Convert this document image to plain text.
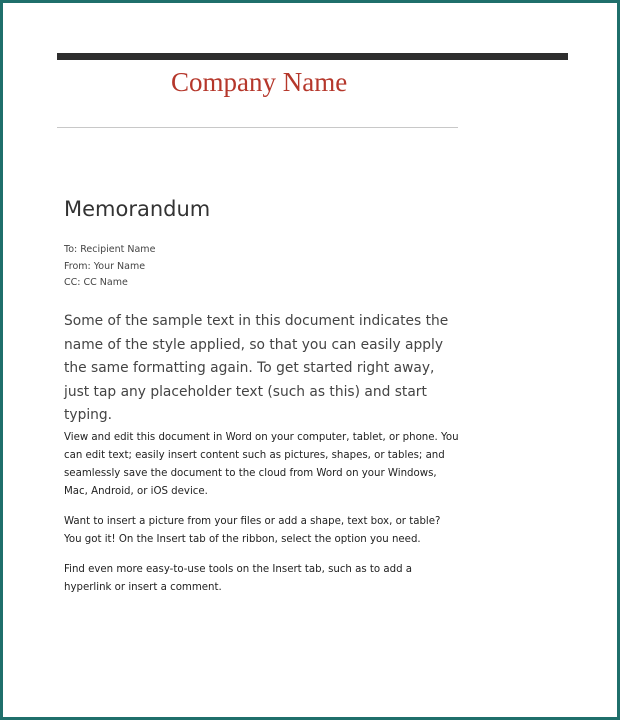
Company Name
Memorandum
To: Recipient Name
From: Your Name
CC: CC Name
Some of the sample text in this document indicates the name of the style applied, so that you can easily apply the same formatting again. To get started right away, just tap any placeholder text (such as this) and start typing.

View and edit this document in Word on your computer, tablet, or phone. You can edit text; easily insert content such as pictures, shapes, or tables; and seamlessly save the document to the cloud from Word on your Windows, Mac, Android, or iOS device.

Want to insert a picture from your files or add a shape, text box, or table? You got it! On the Insert tab of the ribbon, select the option you need.

Find even more easy-to-use tools on the Insert tab, such as to add a hyperlink or insert a comment.
